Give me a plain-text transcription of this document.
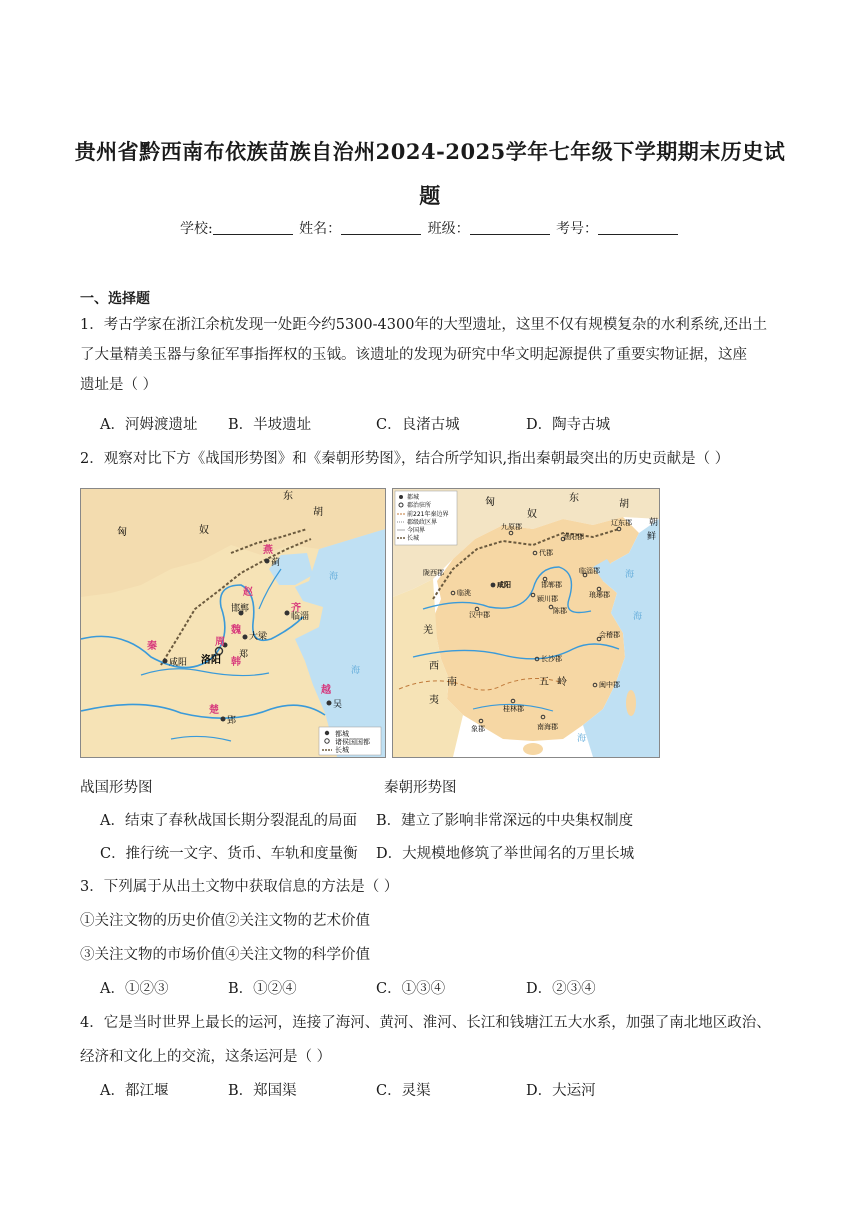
贵州省黔西南布依族苗族自治州2024-2025学年七年级下学期期末历史试
题
学校:	姓名：	班级：	考号：
一、选择题
1．考古学家在浙江余杭发现一处距今约5300-4300年的大型遗址，这里不仅有规模复杂的水利系统,还出土
了大量精美玉器与象征军事指挥权的玉钺。该遗址的发现为研究中华文明起源提供了重要实物证据，这座
遗址是（ ）
A．河姆渡遗址 B．半坡遗址	C．良渚古城	D．陶寺古城
2．观察对比下方《战国形势图》和《秦朝形势图》，结合所学知识,指出秦朝最突出的历史贡献是（ ）
匈	奴
东
胡
燕
蓟
赵
邯郸	齐
临淄
魏
大梁
郑
韩
洛阳
周
秦
咸阳
楚
郢
越
吴
海
海
都城
诸侯国国都
长城
都城
郡治驻所
前221年秦边界
郡级政区界
今国界
长城
匈
奴
东
胡
朝
鲜
九原郡
渔阳郡
辽东郡
代郡
邯郸郡
临淄郡
琅琊郡
陇西郡
临洮
咸阳
颍川郡
陈郡
汉中郡
会稽郡
长沙郡
闽中郡
桂林郡
象郡	南海郡
羌
西
南
夷
五 岭
海
海
海
战国形势图	秦朝形势图
A．结束了春秋战国长期分裂混乱的局面 B．建立了影响非常深远的中央集权制度
C．推行统一文字、货币、车轨和度量衡 D．大规模地修筑了举世闻名的万里长城
3．下列属于从出土文物中获取信息的方法是（ ）
①关注文物的历史价值②关注文物的艺术价值
③关注文物的市场价值④关注文物的科学价值
A．①②③	B．①②④	C．①③④	D．②③④
4．它是当时世界上最长的运河，连接了海河、黄河、淮河、长江和钱塘江五大水系，加强了南北地区政治、
经济和文化上的交流，这条运河是（ ）
A．都江堰	B．郑国渠	C．灵渠	D．大运河
